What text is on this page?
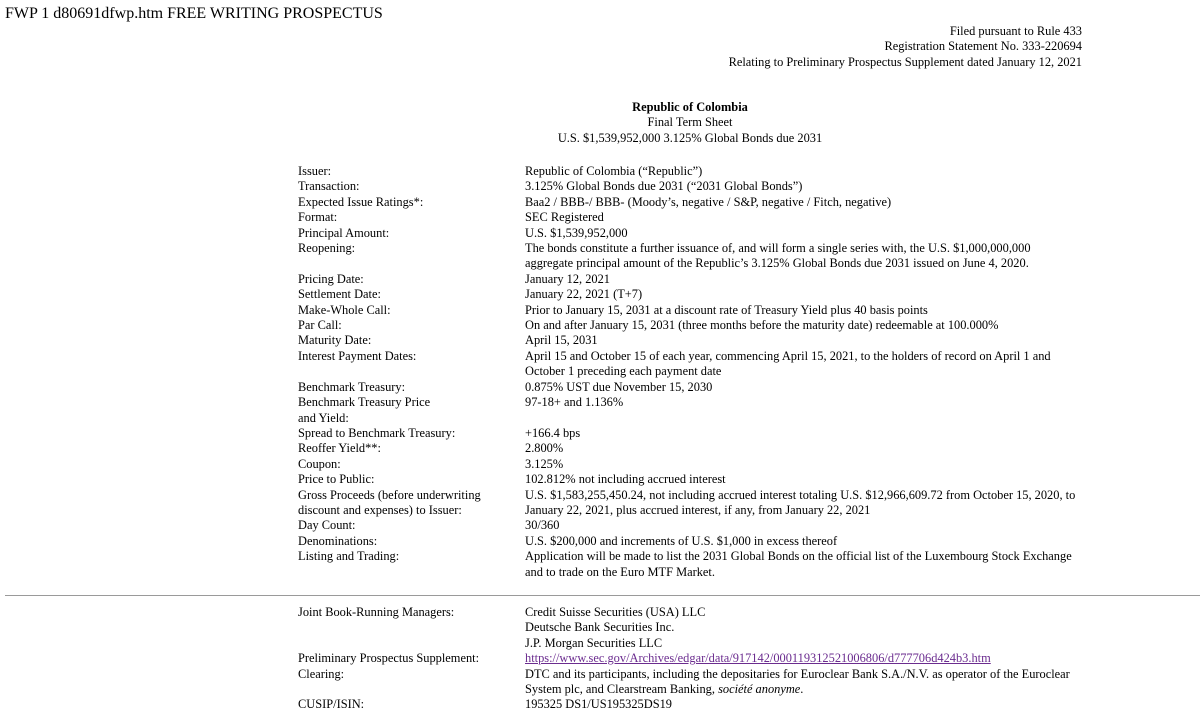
FWP 1 d80691dfwp.htm FREE WRITING PROSPECTUS
Filed pursuant to Rule 433
Registration Statement No. 333-220694
Relating to Preliminary Prospectus Supplement dated January 12, 2021
Republic of Colombia
Final Term Sheet
U.S. $1,539,952,000 3.125% Global Bonds due 2031
Issuer:	Republic of Colombia (“Republic”)
Transaction:	3.125% Global Bonds due 2031 (“2031 Global Bonds”)
Expected Issue Ratings*:	Baa2 / BBB-/ BBB- (Moody’s, negative / S&P, negative / Fitch, negative)
Format:	SEC Registered
Principal Amount:	U.S. $1,539,952,000
Reopening:	The bonds constitute a further issuance of, and will form a single series with, the U.S. $1,000,000,000
aggregate principal amount of the Republic’s 3.125% Global Bonds due 2031 issued on June 4, 2020.
Pricing Date:	January 12, 2021
Settlement Date:	January 22, 2021 (T+7)
Make-Whole Call:	Prior to January 15, 2031 at a discount rate of Treasury Yield plus 40 basis points
Par Call:	On and after January 15, 2031 (three months before the maturity date) redeemable at 100.000%
Maturity Date:	April 15, 2031
Interest Payment Dates:	April 15 and October 15 of each year, commencing April 15, 2021, to the holders of record on April 1 and
October 1 preceding each payment date
Benchmark Treasury:	0.875% UST due November 15, 2030
Benchmark Treasury Price
and Yield:
97-18+ and 1.136%
Spread to Benchmark Treasury:	+166.4 bps
Reoffer Yield**:	2.800%
Coupon:	3.125%
Price to Public:	102.812% not including accrued interest
Gross Proceeds (before underwriting
discount and expenses) to Issuer:
U.S. $1,583,255,450.24, not including accrued interest totaling U.S. $12,966,609.72 from October 15, 2020, to
January 22, 2021, plus accrued interest, if any, from January 22, 2021
Day Count:	30/360
Denominations:	U.S. $200,000 and increments of U.S. $1,000 in excess thereof
Listing and Trading:	Application will be made to list the 2031 Global Bonds on the official list of the Luxembourg Stock Exchange
and to trade on the Euro MTF Market.
Joint Book-Running Managers:	Credit Suisse Securities (USA) LLC
Deutsche Bank Securities Inc.
J.P. Morgan Securities LLC
Preliminary Prospectus Supplement:	https://www.sec.gov/Archives/edgar/data/917142/000119312521006806/d777706d424b3.htm
Clearing:	DTC and its participants, including the depositaries for Euroclear Bank S.A./N.V. as operator of the Euroclear
System plc, and Clearstream Banking, société anonyme.
CUSIP/ISIN:	195325 DS1/US195325DS19
